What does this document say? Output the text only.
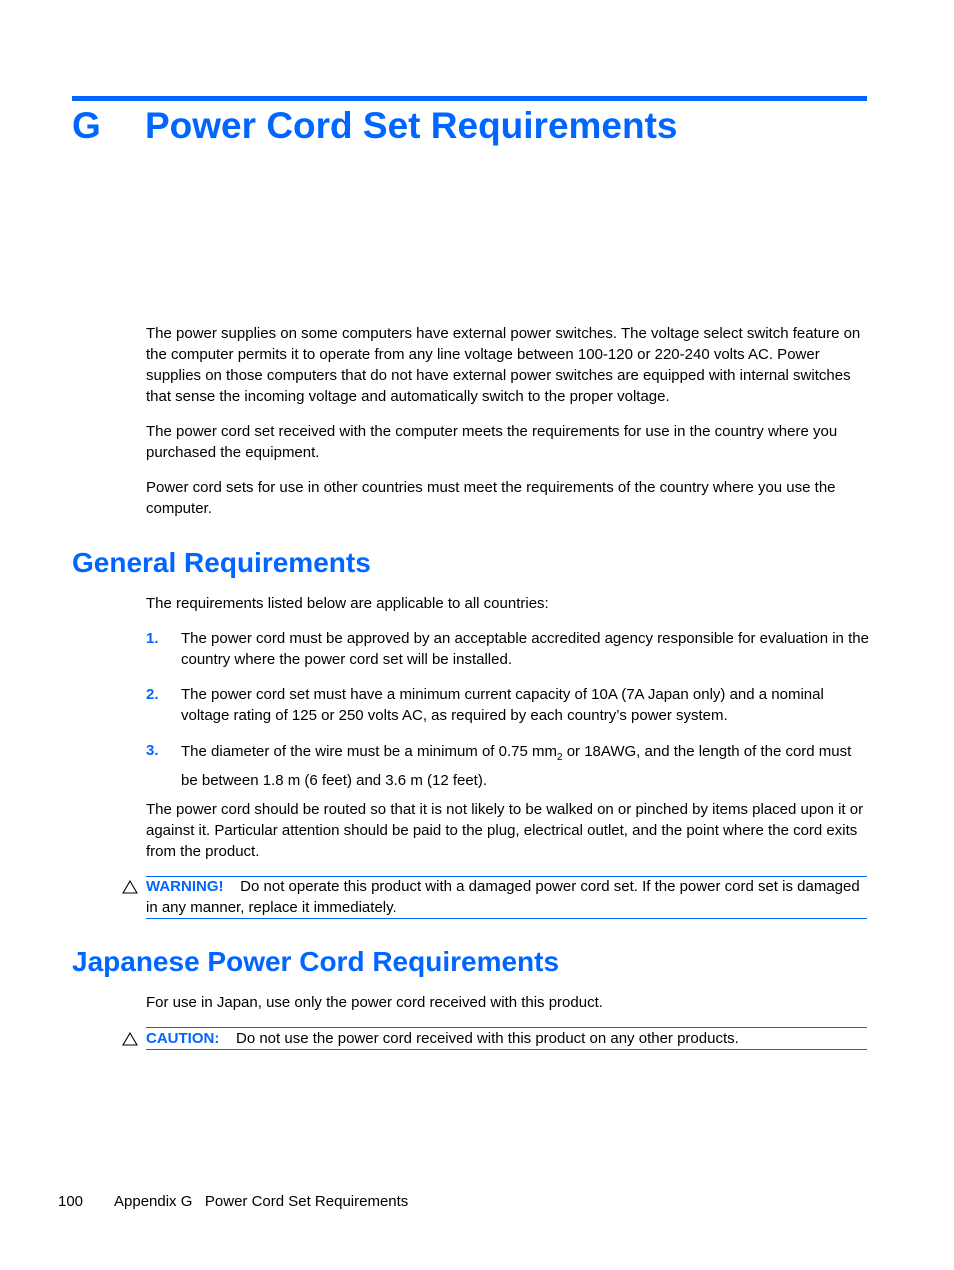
G Power Cord Set Requirements

The power supplies on some computers have external power switches. The voltage select switch feature on the computer permits it to operate from any line voltage between 100-120 or 220-240 volts AC. Power supplies on those computers that do not have external power switches are equipped with internal switches that sense the incoming voltage and automatically switch to the proper voltage.

The power cord set received with the computer meets the requirements for use in the country where you purchased the equipment.

Power cord sets for use in other countries must meet the requirements of the country where you use the computer.

General Requirements

The requirements listed below are applicable to all countries:

1. The power cord must be approved by an acceptable accredited agency responsible for evaluation in the country where the power cord set will be installed.

2. The power cord set must have a minimum current capacity of 10A (7A Japan only) and a nominal voltage rating of 125 or 250 volts AC, as required by each country’s power system.

3. The diameter of the wire must be a minimum of 0.75 $mm_2$ or 18AWG, and the length of the cord must be between 1.8 m (6 feet) and 3.6 m (12 feet).

The power cord should be routed so that it is not likely to be walked on or pinched by items placed upon it or against it. Particular attention should be paid to the plug, electrical outlet, and the point where the cord exits from the product.

WARNING! Do not operate this product with a damaged power cord set. If the power cord set is damaged in any manner, replace it immediately.

Japanese Power Cord Requirements

For use in Japan, use only the power cord received with this product.

CAUTION: Do not use the power cord received with this product on any other products.

100 Appendix G   Power Cord Set Requirements
